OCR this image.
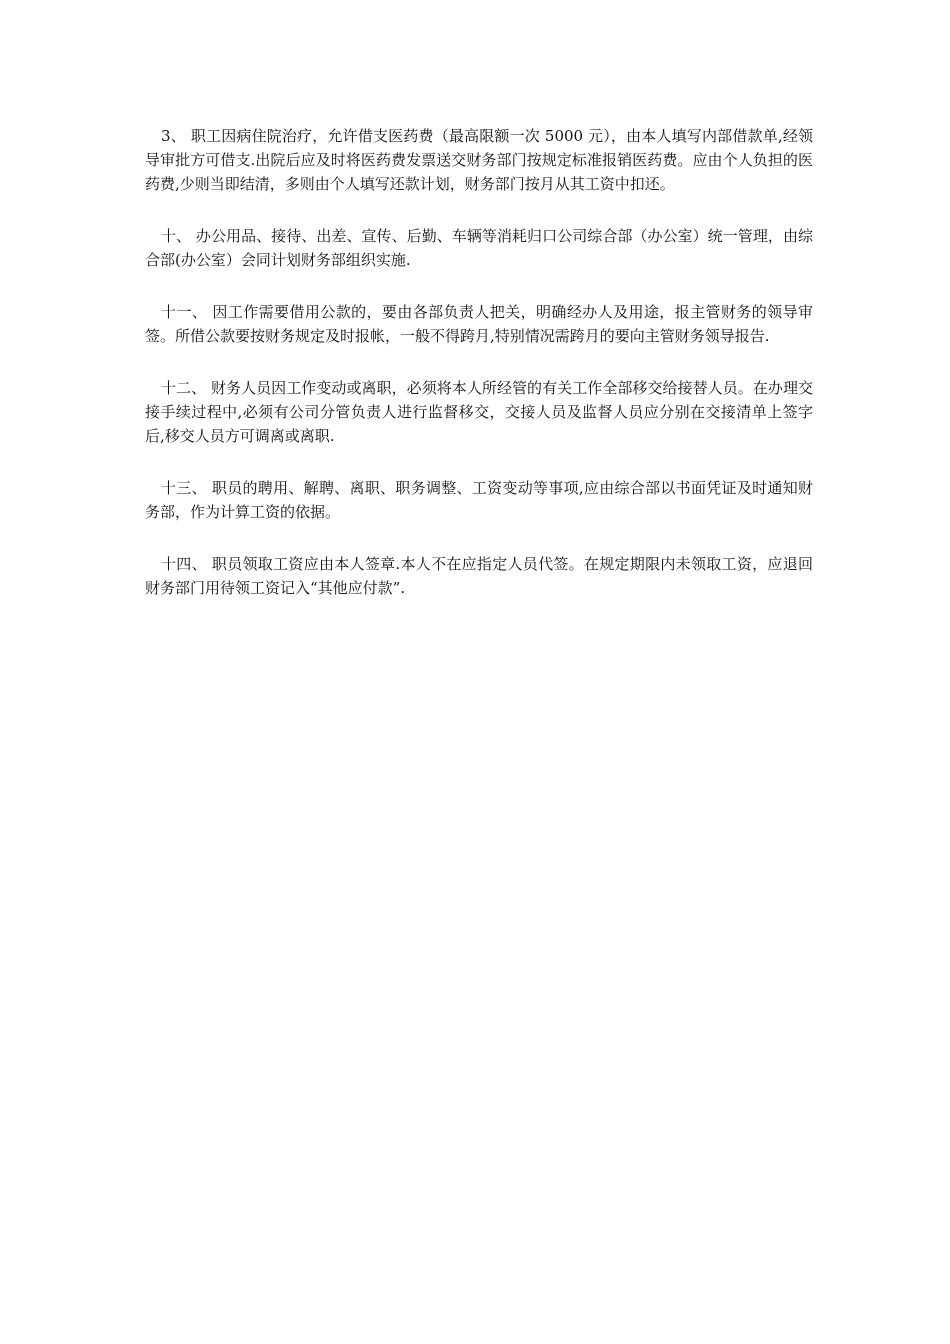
3、 职工因病住院治疗，允许借支医药费（最高限额一次 5000 元），由本人填写内部借款单,经领导审批方可借支.出院后应及时将医药费发票送交财务部门按规定标准报销医药费。应由个人负担的医药费,少则当即结清，多则由个人填写还款计划，财务部门按月从其工资中扣还。

十、 办公用品、接待、出差、宣传、后勤、车辆等消耗归口公司综合部（办公室）统一管理，由综合部(办公室）会同计划财务部组织实施.

十一、 因工作需要借用公款的，要由各部负责人把关，明确经办人及用途，报主管财务的领导审签。所借公款要按财务规定及时报帐，一般不得跨月,特别情况需跨月的要向主管财务领导报告.

十二、 财务人员因工作变动或离职，必须将本人所经管的有关工作全部移交给接替人员。在办理交接手续过程中,必须有公司分管负责人进行监督移交，交接人员及监督人员应分别在交接清单上签字后,移交人员方可调离或离职.

十三、 职员的聘用、解聘、离职、职务调整、工资变动等事项,应由综合部以书面凭证及时通知财务部，作为计算工资的依据。

十四、 职员领取工资应由本人签章.本人不在应指定人员代签。在规定期限内未领取工资，应退回财务部门用待领工资记入“其他应付款”.
